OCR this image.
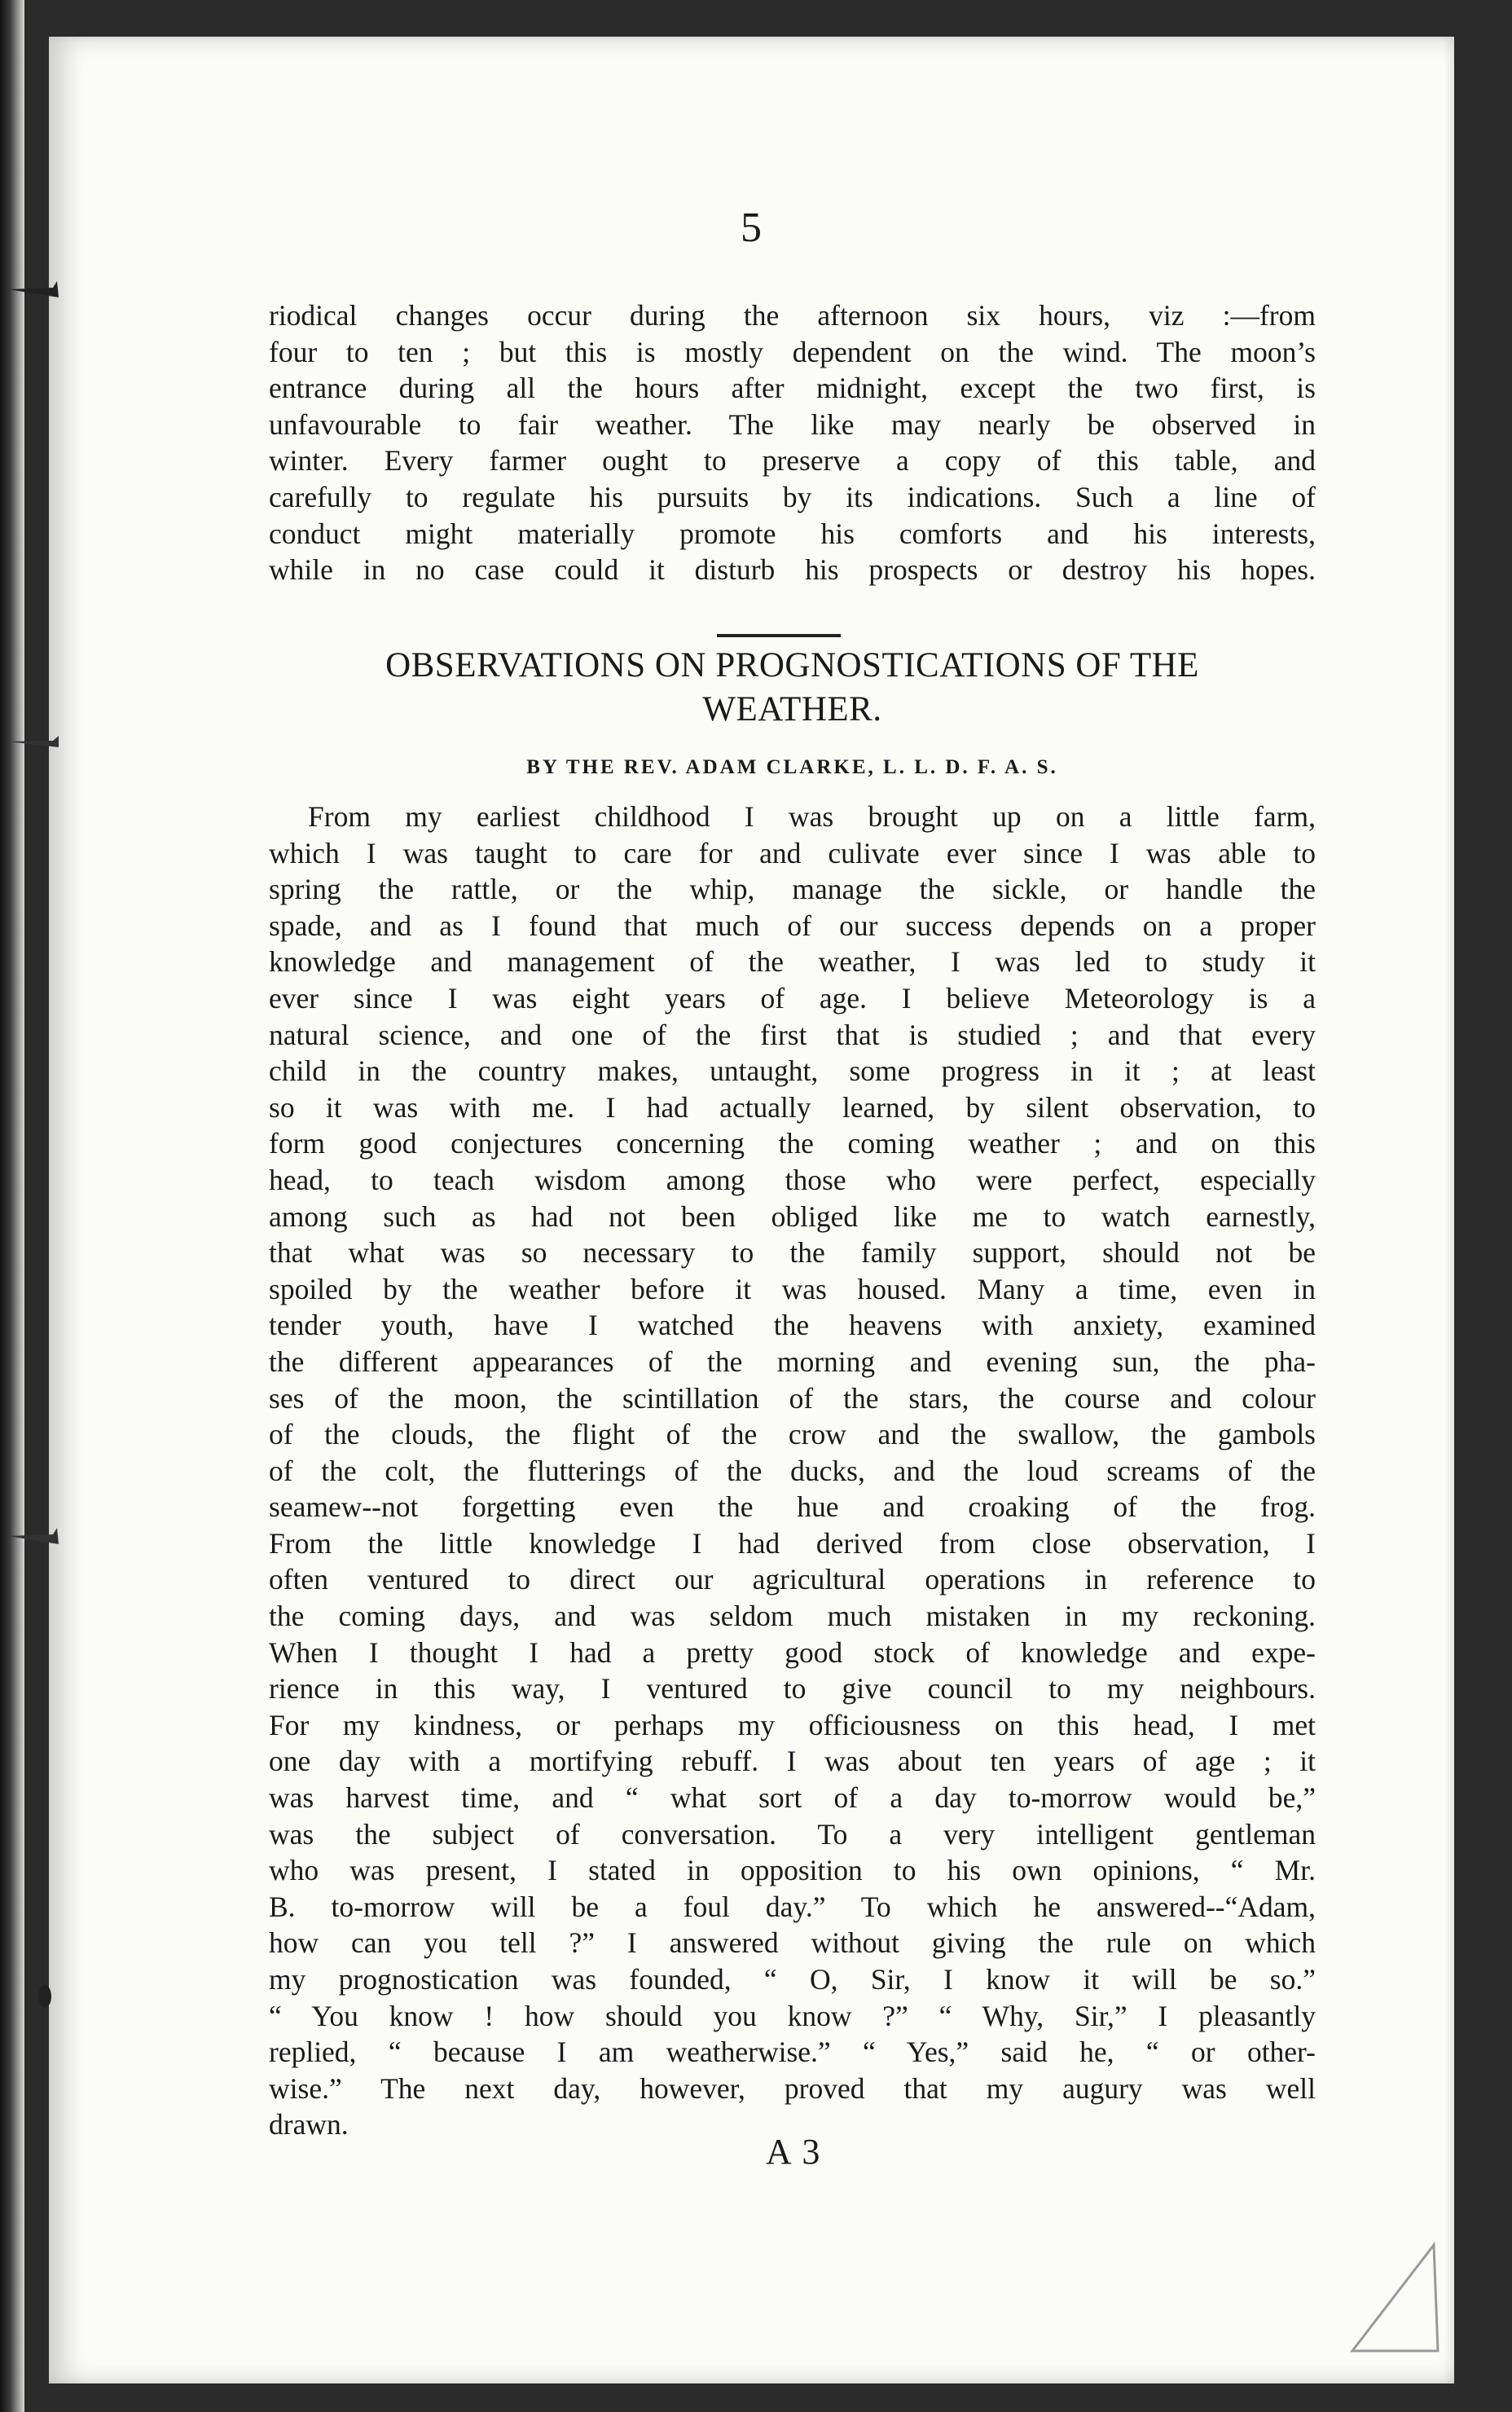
5
riodical changes occur during the afternoon six hours, viz :—from
four to ten ; but this is mostly dependent on the wind. The moon’s
entrance during all the hours after midnight, except the two first, is
unfavourable to fair weather. The like may nearly be observed in
winter. Every farmer ought to preserve a copy of this table, and
carefully to regulate his pursuits by its indications. Such a line of
conduct might materially promote his comforts and his interests,
while in no case could it disturb his prospects or destroy his hopes.
OBSERVATIONS ON PROGNOSTICATIONS OF THE
WEATHER.
BY THE REV. ADAM CLARKE, L. L. D. F. A. S.
From my earliest childhood I was brought up on a little farm,
which I was taught to care for and culivate ever since I was able to
spring the rattle, or the whip, manage the sickle, or handle the
spade, and as I found that much of our success depends on a proper
knowledge and management of the weather, I was led to study it
ever since I was eight years of age. I believe Meteorology is a
natural science, and one of the first that is studied ; and that every
child in the country makes, untaught, some progress in it ; at least
so it was with me. I had actually learned, by silent observation, to
form good conjectures concerning the coming weather ; and on this
head, to teach wisdom among those who were perfect, especially
among such as had not been obliged like me to watch earnestly,
that what was so necessary to the family support, should not be
spoiled by the weather before it was housed. Many a time, even in
tender youth, have I watched the heavens with anxiety, examined
the different appearances of the morning and evening sun, the pha-
ses of the moon, the scintillation of the stars, the course and colour
of the clouds, the flight of the crow and the swallow, the gambols
of the colt, the flutterings of the ducks, and the loud screams of the
seamew--not forgetting even the hue and croaking of the frog.
From the little knowledge I had derived from close observation, I
often ventured to direct our agricultural operations in reference to
the coming days, and was seldom much mistaken in my reckoning.
When I thought I had a pretty good stock of knowledge and expe-
rience in this way, I ventured to give council to my neighbours.
For my kindness, or perhaps my officiousness on this head, I met
one day with a mortifying rebuff. I was about ten years of age ; it
was harvest time, and “ what sort of a day to-morrow would be,”
was the subject of conversation. To a very intelligent gentleman
who was present, I stated in opposition to his own opinions, “ Mr.
B. to-morrow will be a foul day.” To which he answered--“Adam,
how can you tell ?” I answered without giving the rule on which
my prognostication was founded, “ O, Sir, I know it will be so.”
“ You know ! how should you know ?” “ Why, Sir,” I pleasantly
replied, “ because I am weatherwise.” “ Yes,” said he, “ or other-
wise.” The next day, however, proved that my augury was well
drawn.
A 3
